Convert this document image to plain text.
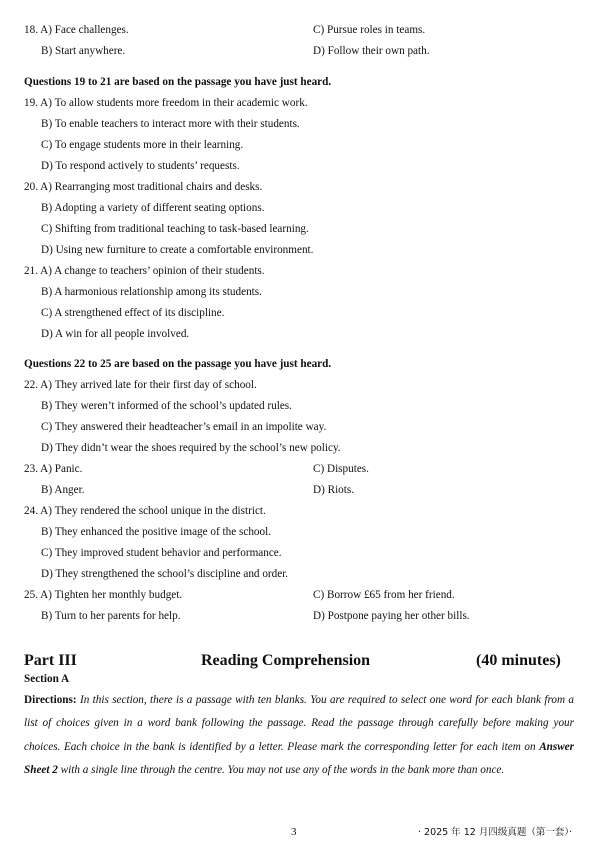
18. A) Face challenges.	C) Pursue roles in teams.
B) Start anywhere.	D) Follow their own path.
Questions 19 to 21 are based on the passage you have just heard.
19. A) To allow students more freedom in their academic work.
B) To enable teachers to interact more with their students.
C) To engage students more in their learning.
D) To respond actively to students’ requests.
20. A) Rearranging most traditional chairs and desks.
B) Adopting a variety of different seating options.
C) Shifting from traditional teaching to task-based learning.
D) Using new furniture to create a comfortable environment.
21. A) A change to teachers’ opinion of their students.
B) A harmonious relationship among its students.
C) A strengthened effect of its discipline.
D) A win for all people involved.
Questions 22 to 25 are based on the passage you have just heard.
22. A) They arrived late for their first day of school.
B) They weren’t informed of the school’s updated rules.
C) They answered their headteacher’s email in an impolite way.
D) They didn’t wear the shoes required by the school’s new policy.
23. A) Panic.	C) Disputes.
B) Anger.	D) Riots.
24. A) They rendered the school unique in the district.
B) They enhanced the positive image of the school.
C) They improved student behavior and performance.
D) They strengthened the school’s discipline and order.
25. A) Tighten her monthly budget.	C) Borrow £65 from her friend.
B) Turn to her parents for help.	D) Postpone paying her other bills.
Part III	Reading Comprehension	(40 minutes)
Section A
Directions: In this section, there is a passage with ten blanks. You are required to select one word for each blank from a list of choices given in a word bank following the passage. Read the passage through carefully before making your choices. Each choice in the bank is identified by a letter. Please mark the corresponding letter for each item on Answer Sheet 2 with a single line through the centre. You may not use any of the words in the bank more than once.
3	· 2025 年 12 月四级真题（第一套）·
